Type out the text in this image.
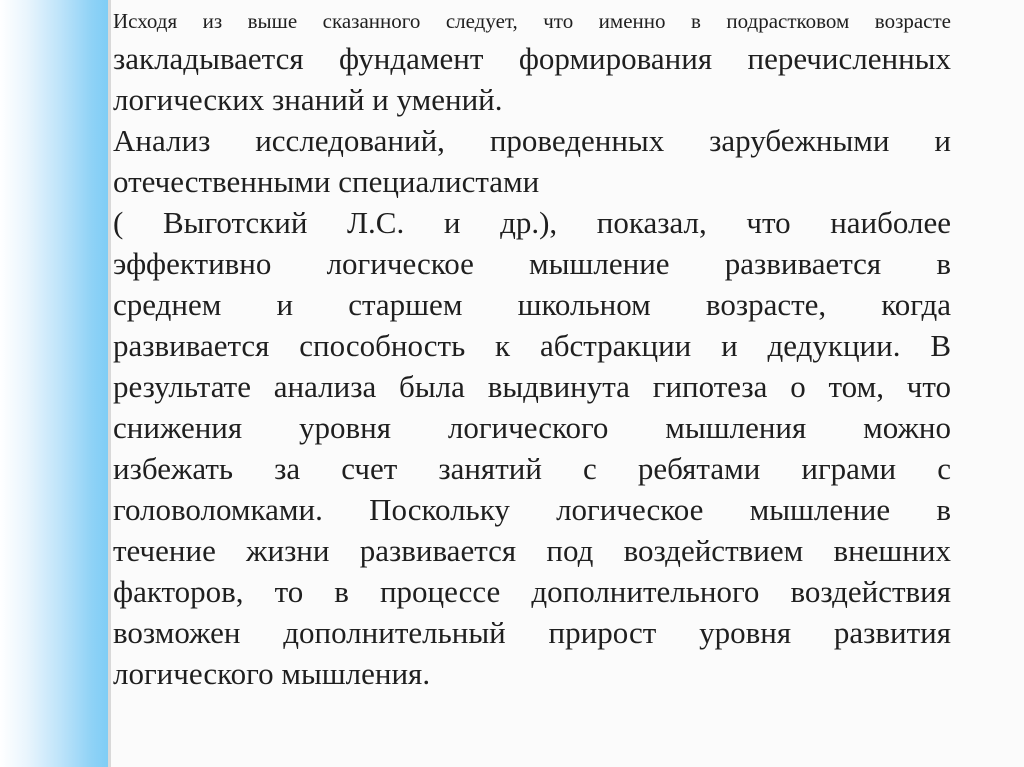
Исходя из выше сказанного следует, что именно в подрастковом возрасте

закладывается фундамент формирования перечисленных

логических знаний и умений.

Анализ исследований, проведенных зарубежными и

отечественными специалистами

( Выготский Л.С. и др.), показал, что наиболее

эффективно логическое мышление развивается в

среднем и старшем школьном возрасте, когда

развивается способность к абстракции и дедукции. В

результате анализа была выдвинута гипотеза о том, что

снижения уровня логического мышления можно

избежать за счет занятий с ребятами играми с

головоломками. Поскольку логическое мышление в

течение жизни развивается под воздействием внешних

факторов, то в процессе дополнительного воздействия

возможен дополнительный прирост уровня развития

логического мышления.
